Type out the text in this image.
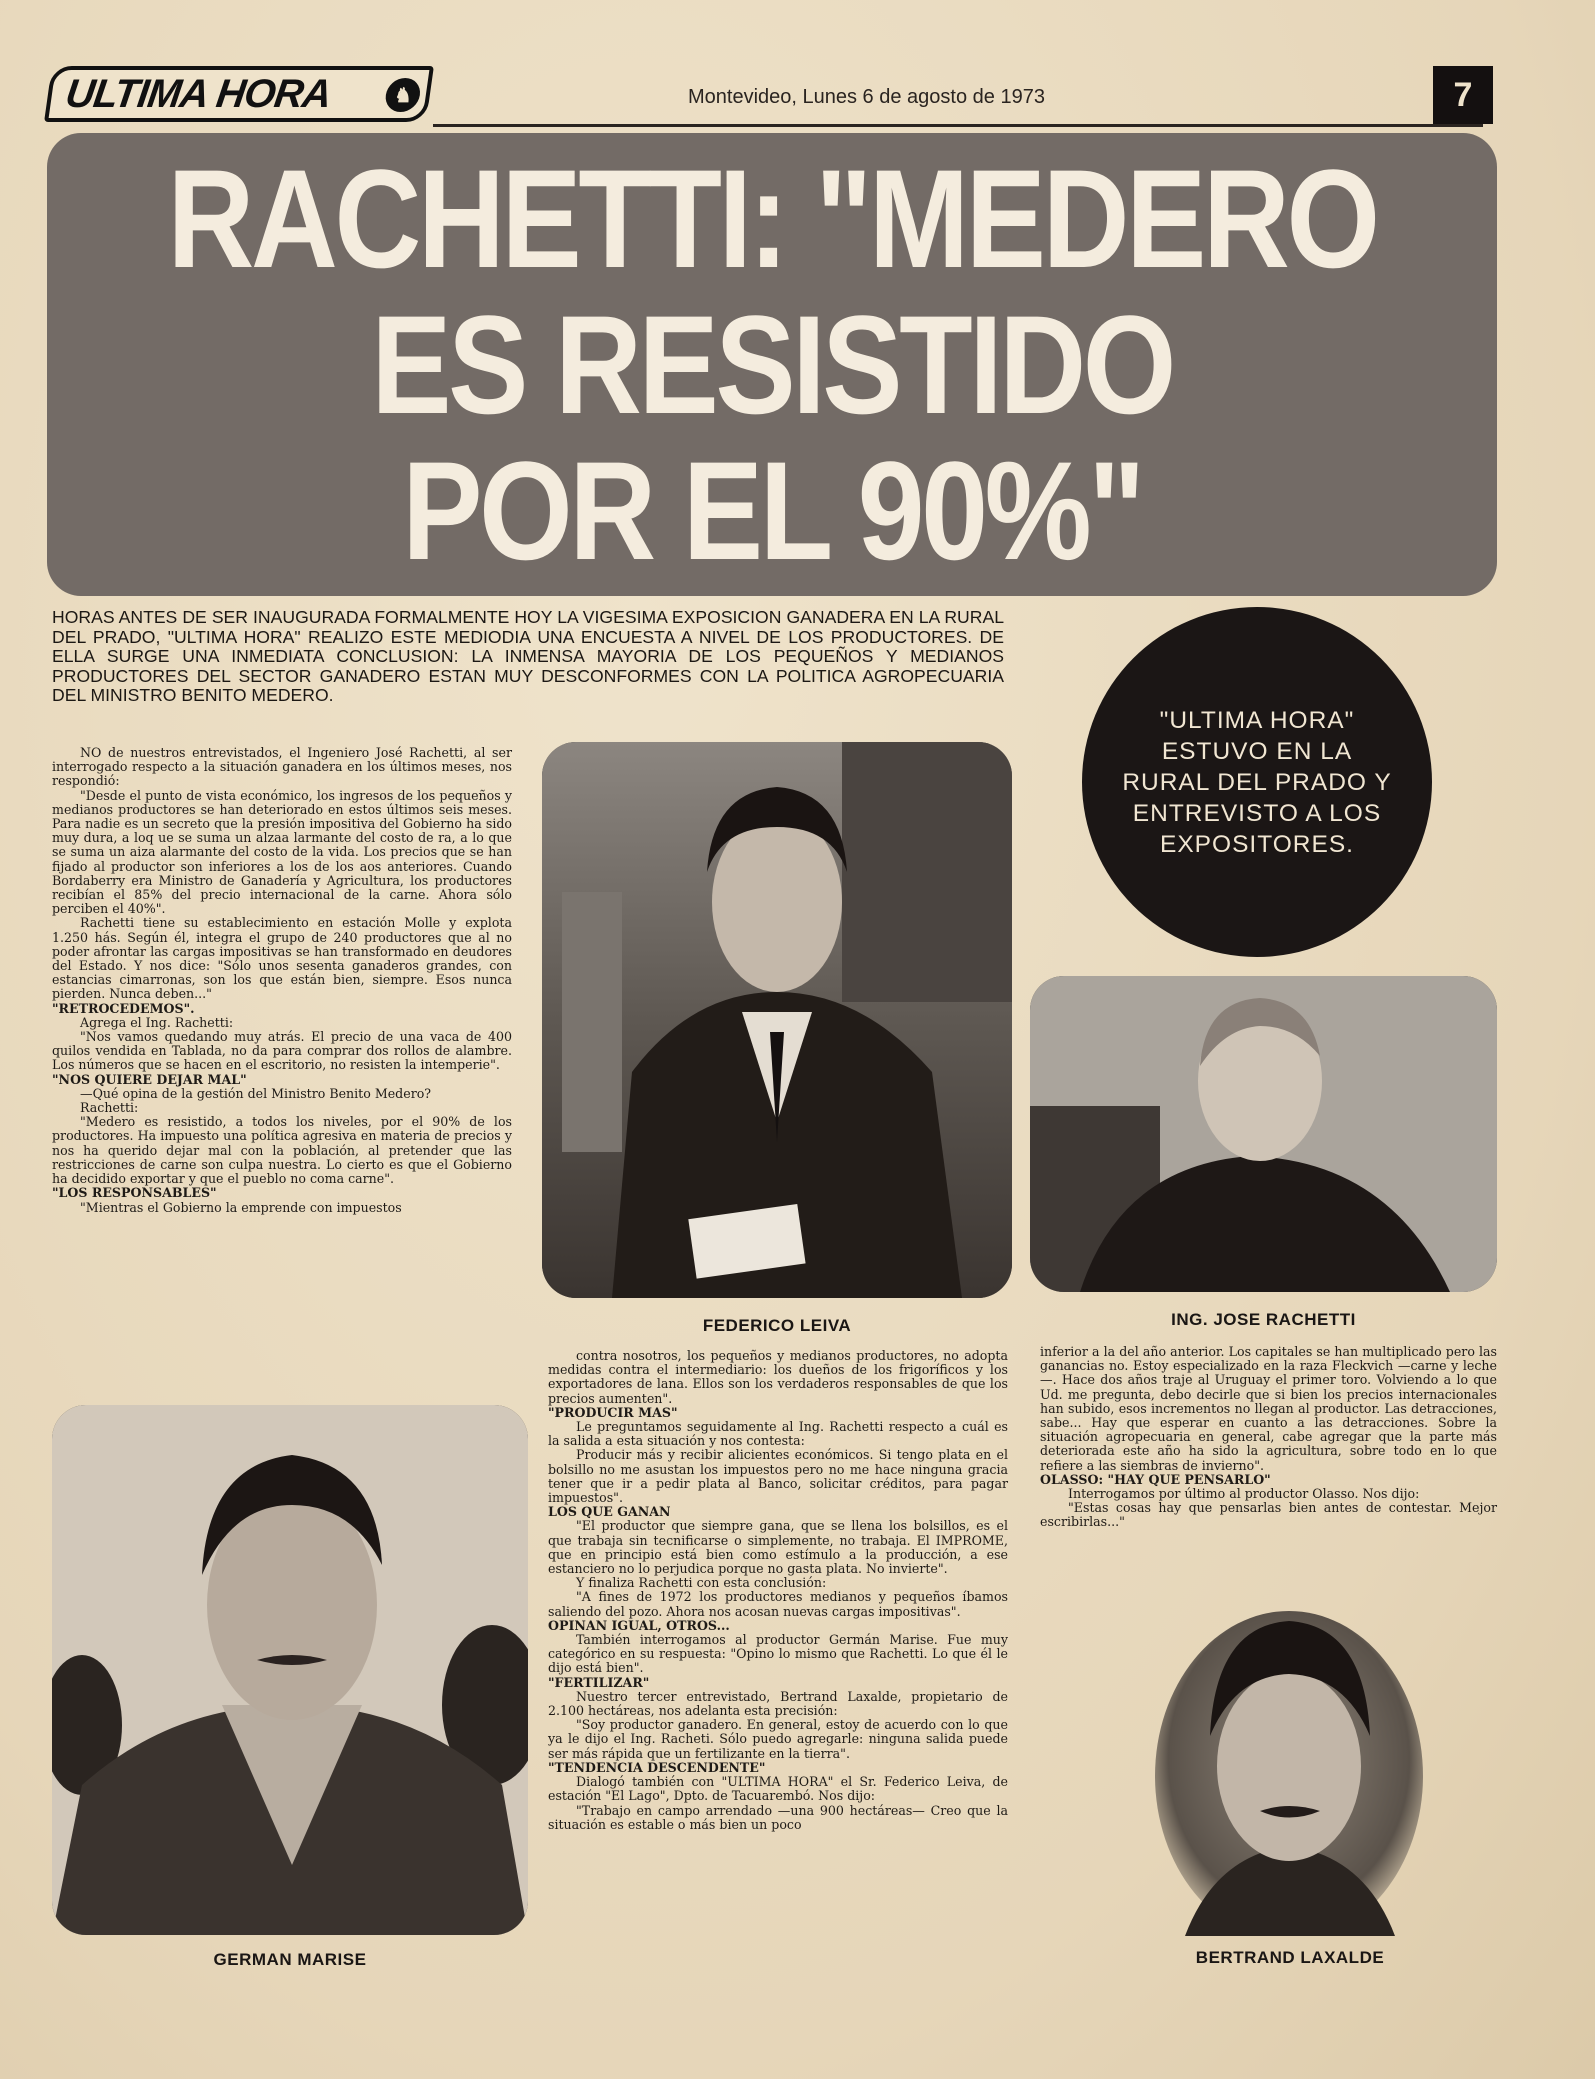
ULTIMA HORA	♞	Montevideo, Lunes 6 de agosto de 1973	7
RACHETTI: "MEDERO
ES RESISTIDO
POR EL 90%"
HORAS ANTES DE SER INAUGURADA FORMALMENTE HOY LA VIGESIMA EXPOSICION GANADERA EN LA RURAL DEL PRADO, "ULTIMA HORA" REALIZO ESTE MEDIODIA UNA ENCUESTA A NIVEL DE LOS PRODUCTORES. DE ELLA SURGE UNA INMEDIATA CONCLUSION: LA INMENSA MAYORIA DE LOS PEQUEÑOS Y MEDIANOS PRODUCTORES DEL SECTOR GANADERO ESTAN MUY DESCONFORMES CON LA POLITICA AGROPECUARIA DEL MINISTRO BENITO MEDERO.
"ULTIMA HORA" ESTUVO EN LA RURAL DEL PRADO Y ENTREVISTO A LOS EXPOSITORES.

NO de nuestros entrevistados, el Ingeniero José Rachetti, al ser interrogado respecto a la situación ganadera en los últimos meses, nos respondió:

"Desde el punto de vista económico, los ingresos de los pequeños y medianos productores se han deteriorado en estos últimos seis meses. Para nadie es un secreto que la presión impositiva del Gobierno ha sido muy dura, a loq ue se suma un alzaa larmante del costo de ra, a lo que se suma un aiza alarmante del costo de la vida. Los precios que se han fijado al productor son inferiores a los de los aos anteriores. Cuando Bordaberry era Ministro de Ganadería y Agricultura, los productores recibían el 85% del precio internacional de la carne. Ahora sólo perciben el 40%".

Rachetti tiene su establecimiento en estación Molle y explota 1.250 hás. Según él, integra el grupo de 240 productores que al no poder afrontar las cargas impositivas se han transformado en deudores del Estado. Y nos dice: "Sólo unos sesenta ganaderos grandes, con estancias cimarronas, son los que están bien, siempre. Esos nunca pierden. Nunca deben..."

"RETROCEDEMOS".

Agrega el Ing. Rachetti:

"Nos vamos quedando muy atrás. El precio de una vaca de 400 quilos vendida en Tablada, no da para comprar dos rollos de alambre. Los números que se hacen en el escritorio, no resisten la intemperie".

"NOS QUIERE DEJAR MAL"

—Qué opina de la gestión del Ministro Benito Medero?

Rachetti:

"Medero es resistido, a todos los niveles, por el 90% de los productores. Ha impuesto una política agresiva en materia de precios y nos ha querido dejar mal con la población, al pretender que las restricciones de carne son culpa nuestra. Lo cierto es que el Gobierno ha decidido exportar y que el pueblo no coma carne".

"LOS RESPONSABLES"

"Mientras el Gobierno la emprende con impuestos

contra nosotros, los pequeños y medianos productores, no adopta medidas contra el intermediario: los dueños de los frigoríficos y los exportadores de lana. Ellos son los verdaderos responsables de que los precios aumenten".

"PRODUCIR MAS"

Le preguntamos seguidamente al Ing. Rachetti respecto a cuál es la salida a esta situación y nos contesta:

Producir más y recibir alicientes económicos. Si tengo plata en el bolsillo no me asustan los impuestos pero no me hace ninguna gracia tener que ir a pedir plata al Banco, solicitar créditos, para pagar impuestos".

LOS QUE GANAN

"El productor que siempre gana, que se llena los bolsillos, es el que trabaja sin tecnificarse o simplemente, no trabaja. El IMPROME, que en principio está bien como estímulo a la producción, a ese estanciero no lo perjudica porque no gasta plata. No invierte".

Y finaliza Rachetti con esta conclusión:

"A fines de 1972 los productores medianos y pequeños íbamos saliendo del pozo. Ahora nos acosan nuevas cargas impositivas".

OPINAN IGUAL, OTROS...

También interrogamos al productor Germán Marise. Fue muy categórico en su respuesta: "Opino lo mismo que Rachetti. Lo que él le dijo está bien".

"FERTILIZAR"

Nuestro tercer entrevistado, Bertrand Laxalde, propietario de 2.100 hectáreas, nos adelanta esta precisión:

"Soy productor ganadero. En general, estoy de acuerdo con lo que ya le dijo el Ing. Racheti. Sólo puedo agregarle: ninguna salida puede ser más rápida que un fertilizante en la tierra".

"TENDENCIA DESCENDENTE"

Dialogó también con "ULTIMA HORA" el Sr. Federico Leiva, de estación "El Lago", Dpto. de Tacuarembó. Nos dijo:

"Trabajo en campo arrendado —una 900 hectáreas— Creo que la situación es estable o más bien un poco

inferior a la del año anterior. Los capitales se han multiplicado pero las ganancias no. Estoy especializado en la raza Fleckvich —carne y leche—. Hace dos años traje al Uruguay el primer toro. Volviendo a lo que Ud. me pregunta, debo decirle que si bien los precios internacionales han subido, esos incrementos no llegan al productor. Las detracciones, sabe... Hay que esperar en cuanto a las detracciones. Sobre la situación agropecuaria en general, cabe agregar que la parte más deteriorada este año ha sido la agricultura, sobre todo en lo que refiere a las siembras de invierno".

OLASSO: "HAY QUE PENSARLO"

Interrogamos por último al productor Olasso. Nos dijo:

"Estas cosas hay que pensarlas bien antes de contestar. Mejor escribirlas..."

FEDERICO LEIVA	ING. JOSE RACHETTI
GERMAN MARISE	BERTRAND LAXALDE
